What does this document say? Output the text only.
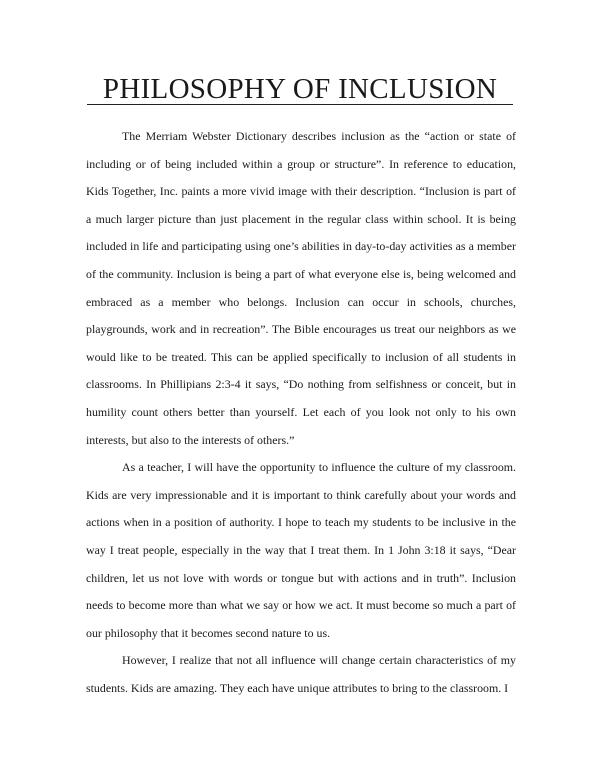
PHILOSOPHY OF INCLUSION

The Merriam Webster Dictionary describes inclusion as the “action or state of including or of being included within a group or structure”. In reference to education, Kids Together, Inc. paints a more vivid image with their description. “Inclusion is part of a much larger picture than just placement in the regular class within school. It is being included in life and participating using one’s abilities in day-to-day activities as a member of the community. Inclusion is being a part of what everyone else is, being welcomed and embraced as a member who belongs. Inclusion can occur in schools, churches, playgrounds, work and in recreation”. The Bible encourages us treat our neighbors as we would like to be treated. This can be applied specifically to inclusion of all students in classrooms. In Phillipians 2:3-4 it says, “Do nothing from selfishness or conceit, but in humility count others better than yourself. Let each of you look not only to his own interests, but also to the interests of others.”

As a teacher, I will have the opportunity to influence the culture of my classroom. Kids are very impressionable and it is important to think carefully about your words and actions when in a position of authority. I hope to teach my students to be inclusive in the way I treat people, especially in the way that I treat them. In 1 John 3:18 it says, “Dear children, let us not love with words or tongue but with actions and in truth”. Inclusion needs to become more than what we say or how we act. It must become so much a part of our philosophy that it becomes second nature to us.

However, I realize that not all influence will change certain characteristics of my students. Kids are amazing. They each have unique attributes to bring to the classroom. I
